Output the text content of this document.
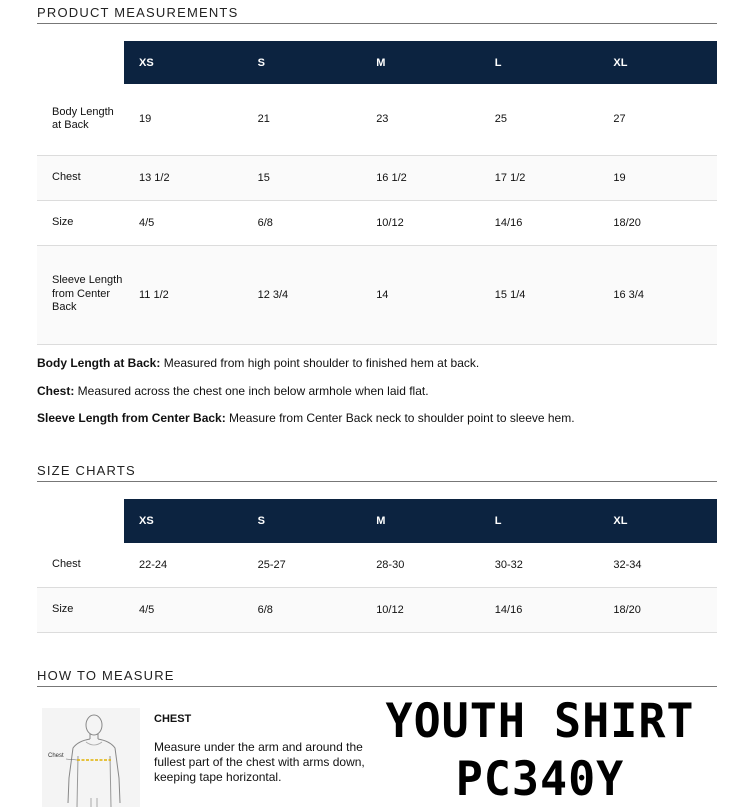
PRODUCT MEASUREMENTS
	XS	S	M	L	XL
Body Length at Back	19	21	23	25	27
Chest	13 1/2	15	16 1/2	17 1/2	19
Size	4/5	6/8	10/12	14/16	18/20
Sleeve Length from Center Back	11 1/2	12 3/4	14	15 1/4	16 3/4
Body Length at Back: Measured from high point shoulder to finished hem at back.
Chest: Measured across the chest one inch below armhole when laid flat.
Sleeve Length from Center Back: Measure from Center Back neck to shoulder point to sleeve hem.
SIZE CHARTS
	XS	S	M	L	XL
Chest	22-24	25-27	28-30	30-32	32-34
Size	4/5	6/8	10/12	14/16	18/20
HOW TO MEASURE
Chest
CHEST
Measure under the arm and around the fullest part of the chest with arms down, keeping tape horizontal.
YOUTH SHIRT
PC340Y
